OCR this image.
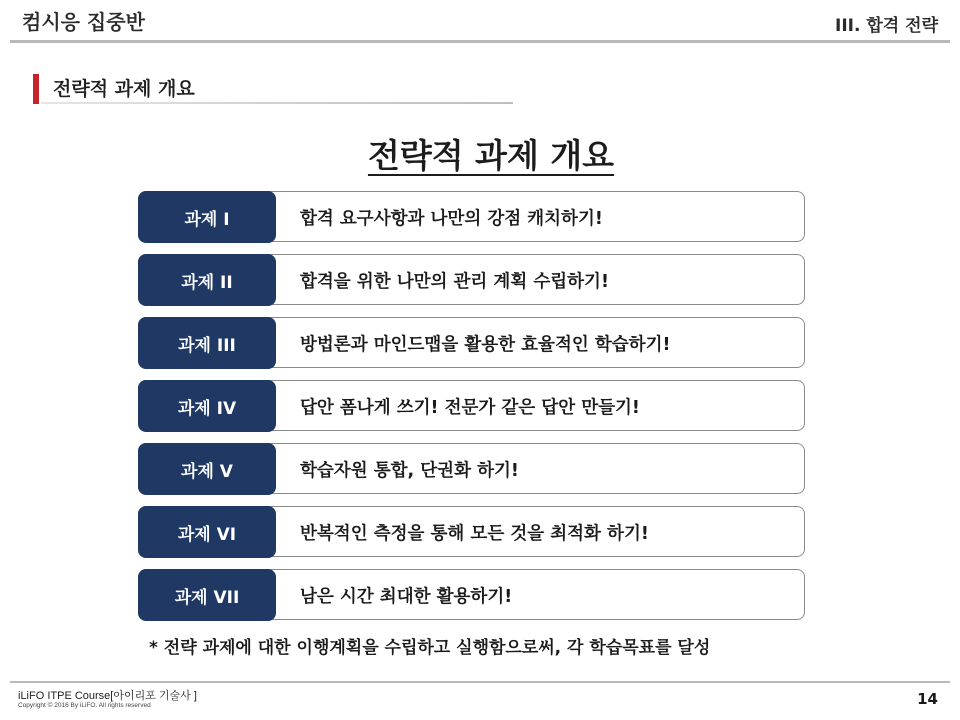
컴시응 집중반	III. 합격 전략
전략적 과제 개요
전략적 과제 개요
과제 I	합격 요구사항과 나만의 강점 캐치하기!
과제 II	합격을 위한 나만의 관리 계획 수립하기!
과제 III	방법론과 마인드맵을 활용한 효율적인 학습하기!
과제 IV	답안 폼나게 쓰기! 전문가 같은 답안 만들기!
과제 V	학습자원 통합, 단권화 하기!
과제 VI	반복적인 측정을 통해 모든 것을 최적화 하기!
과제 VII	남은 시간 최대한 활용하기!
* 전략 과제에 대한 이행계획을 수립하고 실행함으로써, 각 학습목표를 달성
iLiFO ITPE Course[아이리포 기술사 ]
Copyright © 2016 By iLiFO. All rights reserved	14
